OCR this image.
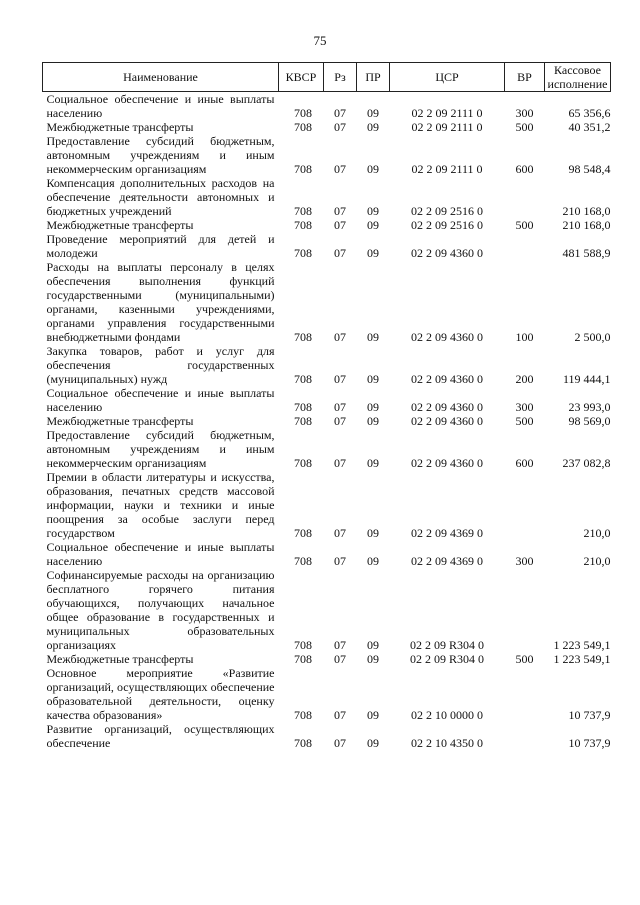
75
Наименование	КВСР	Рз	ПР	ЦСР	ВР	Кассовое исполнение
Социальное обеспечение и иные выплаты населению	708	07	09	02 2 09 2111 0	300	65 356,6
Межбюджетные трансферты	708	07	09	02 2 09 2111 0	500	40 351,2
Предоставление субсидий бюджетным, автономным учреждениям и иным некоммерческим организациям	708	07	09	02 2 09 2111 0	600	98 548,4
Компенсация дополнительных расходов на обеспечение деятельности автономных и бюджетных учреждений	708	07	09	02 2 09 2516 0		210 168,0
Межбюджетные трансферты	708	07	09	02 2 09 2516 0	500	210 168,0
Проведение мероприятий для детей и молодежи	708	07	09	02 2 09 4360 0		481 588,9
Расходы на выплаты персоналу в целях обеспечения выполнения функций государственными (муниципальными) органами, казенными учреждениями, органами управления государственными внебюджетными фондами	708	07	09	02 2 09 4360 0	100	2 500,0
Закупка товаров, работ и услуг для обеспечения государственных (муниципальных) нужд	708	07	09	02 2 09 4360 0	200	119 444,1
Социальное обеспечение и иные выплаты населению	708	07	09	02 2 09 4360 0	300	23 993,0
Межбюджетные трансферты	708	07	09	02 2 09 4360 0	500	98 569,0
Предоставление субсидий бюджетным, автономным учреждениям и иным некоммерческим организациям	708	07	09	02 2 09 4360 0	600	237 082,8
Премии в области литературы и искусства, образования, печатных средств массовой информации, науки и техники и иные поощрения за особые заслуги перед государством	708	07	09	02 2 09 4369 0		210,0
Социальное обеспечение и иные выплаты населению	708	07	09	02 2 09 4369 0	300	210,0
Софинансируемые расходы на организацию бесплатного горячего питания обучающихся, получающих начальное общее образование в государственных и муниципальных образовательных организациях	708	07	09	02 2 09 R304 0		1 223 549,1
Межбюджетные трансферты	708	07	09	02 2 09 R304 0	500	1 223 549,1
Основное мероприятие «Развитие организаций, осуществляющих обеспечение образовательной деятельности, оценку качества образования»	708	07	09	02 2 10 0000 0		10 737,9
Развитие организаций, осуществляющих обеспечение	708	07	09	02 2 10 4350 0		10 737,9
